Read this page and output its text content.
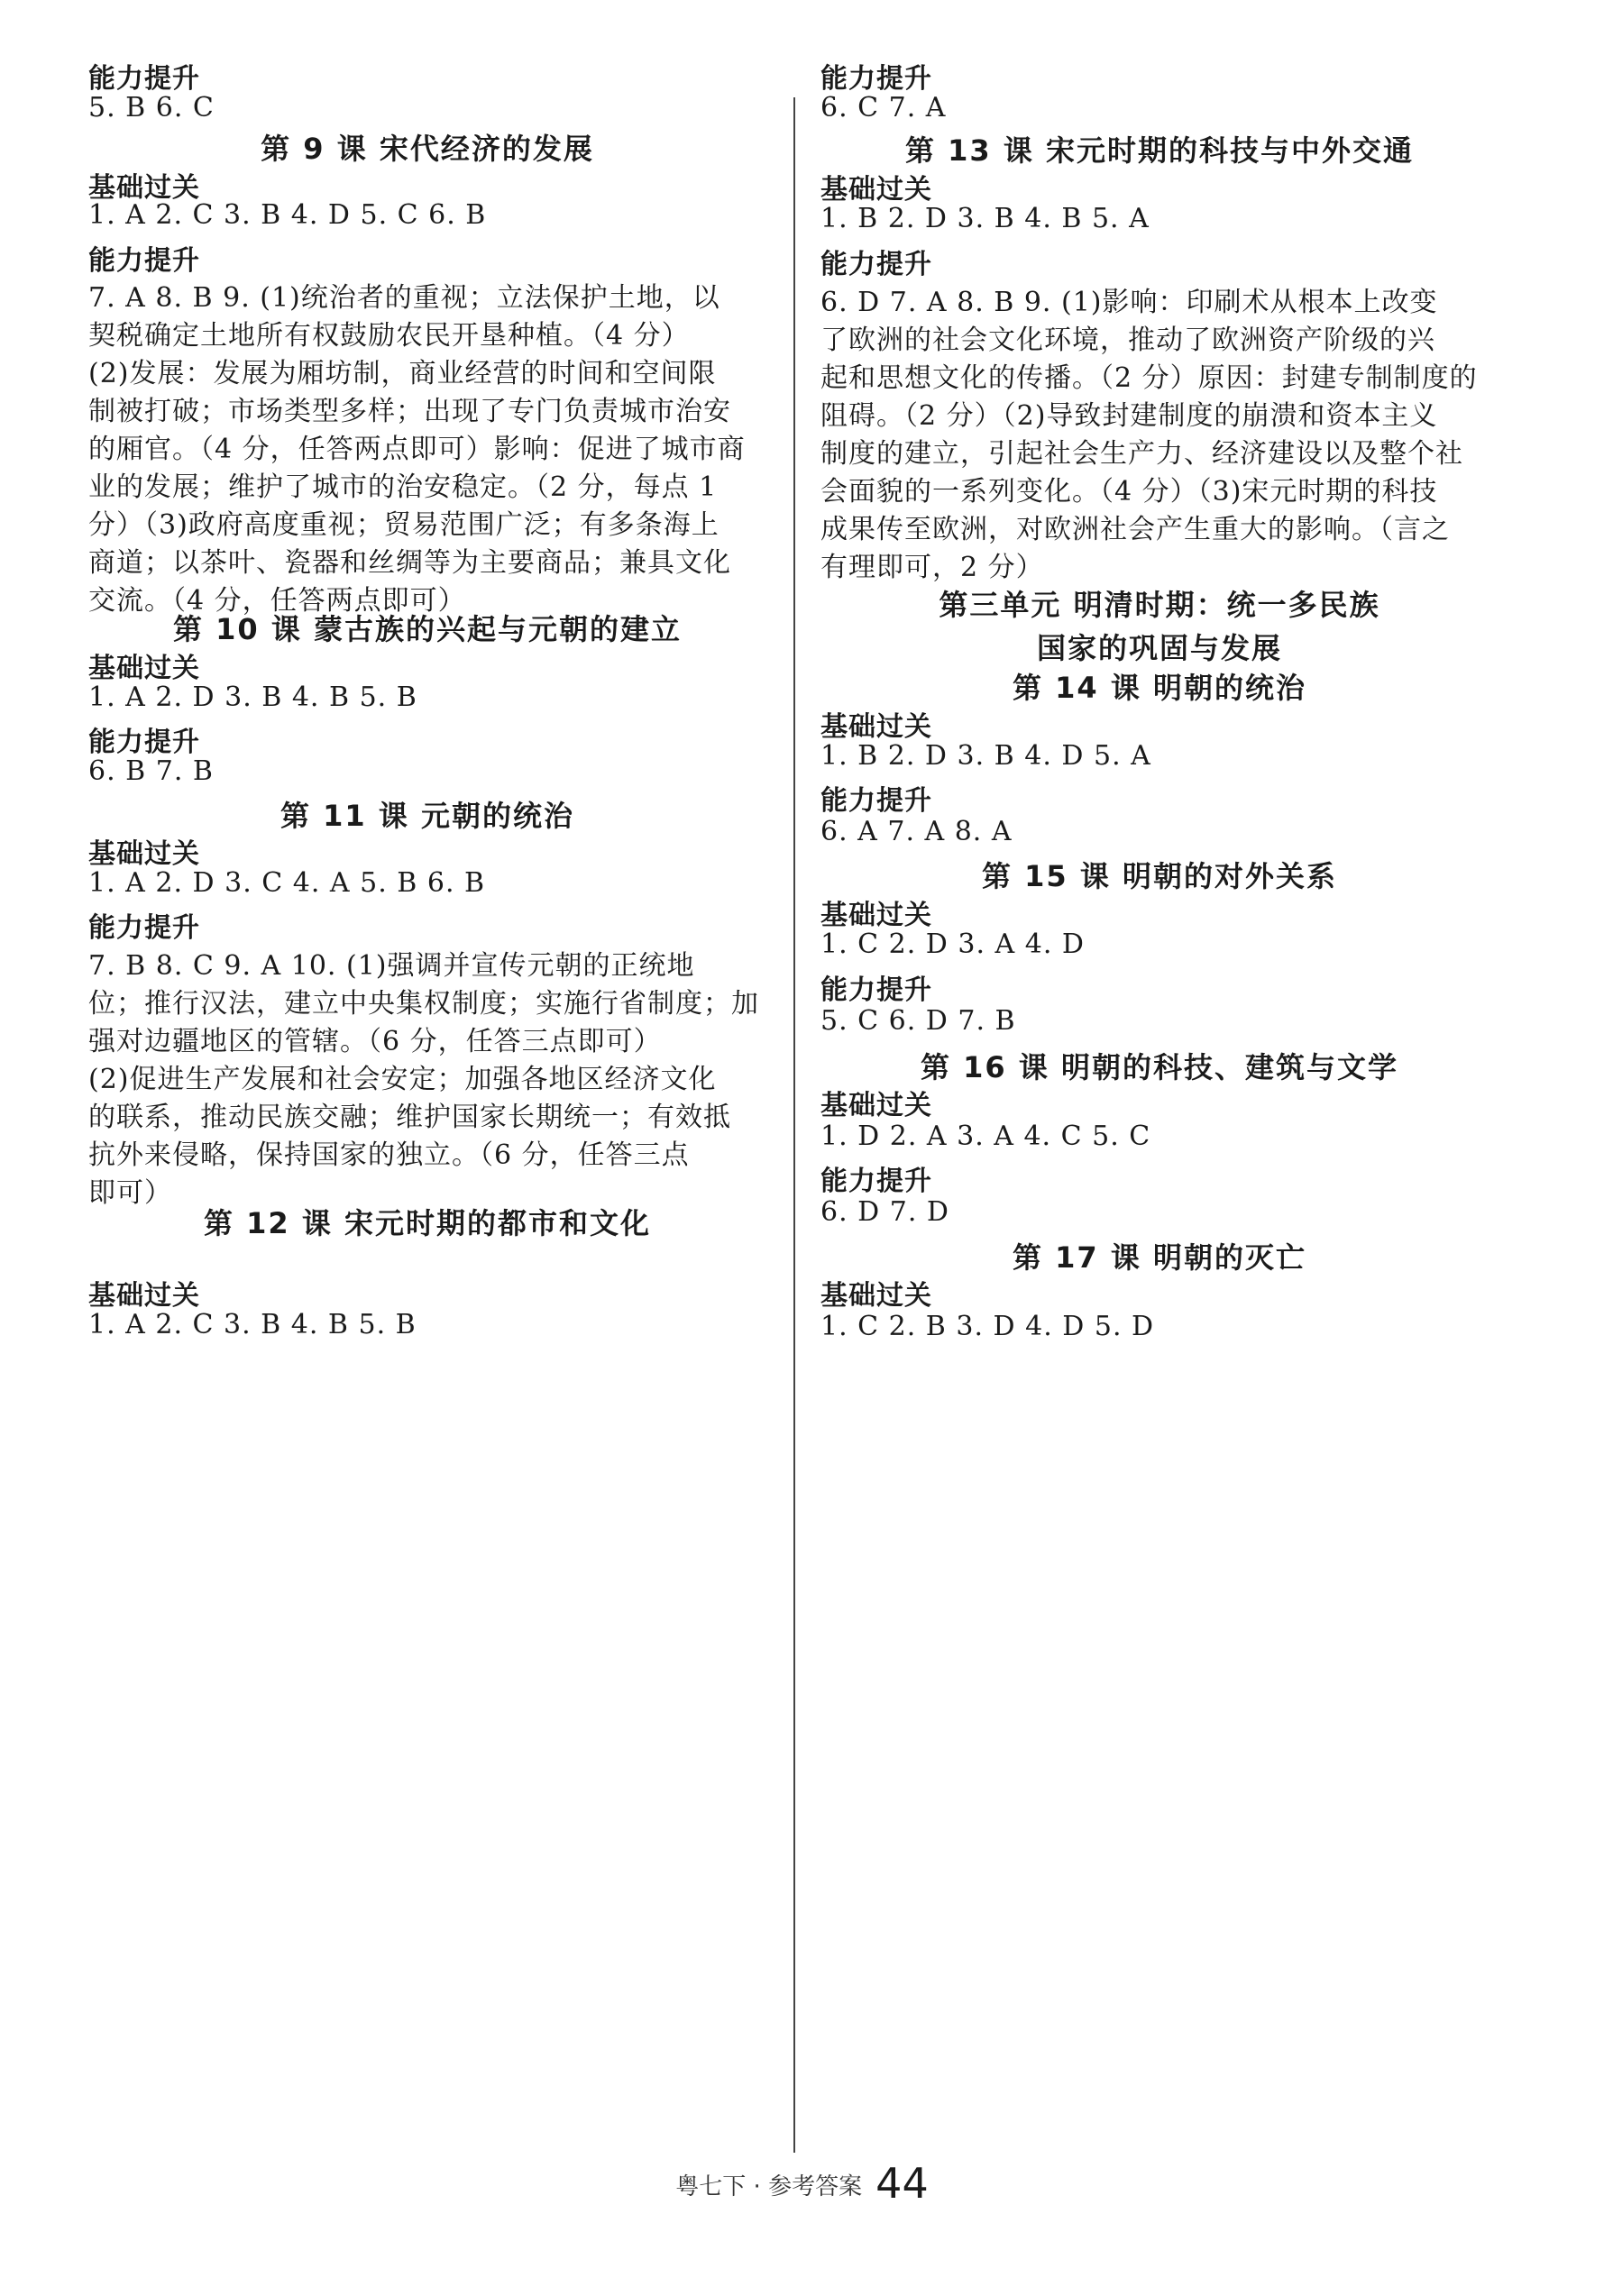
能力提升
5. B 6. C
第 9 课 宋代经济的发展
基础过关
1. A 2. C 3. B 4. D 5. C 6. B
能力提升
7. A 8. B 9. (1)统治者的重视；立法保护土地，以
契税确定土地所有权鼓励农民开垦种植。（4 分）
(2)发展：发展为厢坊制，商业经营的时间和空间限
制被打破；市场类型多样；出现了专门负责城市治安
的厢官。（4 分，任答两点即可）影响：促进了城市商
业的发展；维护了城市的治安稳定。（2 分，每点 1
分）（3)政府高度重视；贸易范围广泛；有多条海上
商道；以茶叶、瓷器和丝绸等为主要商品；兼具文化
交流。（4 分，任答两点即可）
第 10 课 蒙古族的兴起与元朝的建立
基础过关
1. A 2. D 3. B 4. B 5. B
能力提升
6. B 7. B
第 11 课 元朝的统治
基础过关
1. A 2. D 3. C 4. A 5. B 6. B
能力提升
7. B 8. C 9. A 10. (1)强调并宣传元朝的正统地
位；推行汉法，建立中央集权制度；实施行省制度；加
强对边疆地区的管辖。（6 分，任答三点即可）
(2)促进生产发展和社会安定；加强各地区经济文化
的联系，推动民族交融；维护国家长期统一；有效抵
抗外来侵略，保持国家的独立。（6 分，任答三点
即可）
第 12 课 宋元时期的都市和文化
基础过关
1. A 2. C 3. B 4. B 5. B
能力提升
6. C 7. A
第 13 课 宋元时期的科技与中外交通
基础过关
1. B 2. D 3. B 4. B 5. A
能力提升
6. D 7. A 8. B 9. (1)影响：印刷术从根本上改变
了欧洲的社会文化环境，推动了欧洲资产阶级的兴
起和思想文化的传播。（2 分）原因：封建专制制度的
阻碍。（2 分）（2)导致封建制度的崩溃和资本主义
制度的建立，引起社会生产力、经济建设以及整个社
会面貌的一系列变化。（4 分）（3)宋元时期的科技
成果传至欧洲，对欧洲社会产生重大的影响。（言之
有理即可，2 分）
第三单元 明清时期：统一多民族
国家的巩固与发展
第 14 课 明朝的统治
基础过关
1. B 2. D 3. B 4. D 5. A
能力提升
6. A 7. A 8. A
第 15 课 明朝的对外关系
基础过关
1. C 2. D 3. A 4. D
能力提升
5. C 6. D 7. B
第 16 课 明朝的科技、建筑与文学
基础过关
1. D 2. A 3. A 4. C 5. C
能力提升
6. D 7. D
第 17 课 明朝的灭亡
基础过关
1. C 2. B 3. D 4. D 5. D
粤七下 · 参考答案 44
